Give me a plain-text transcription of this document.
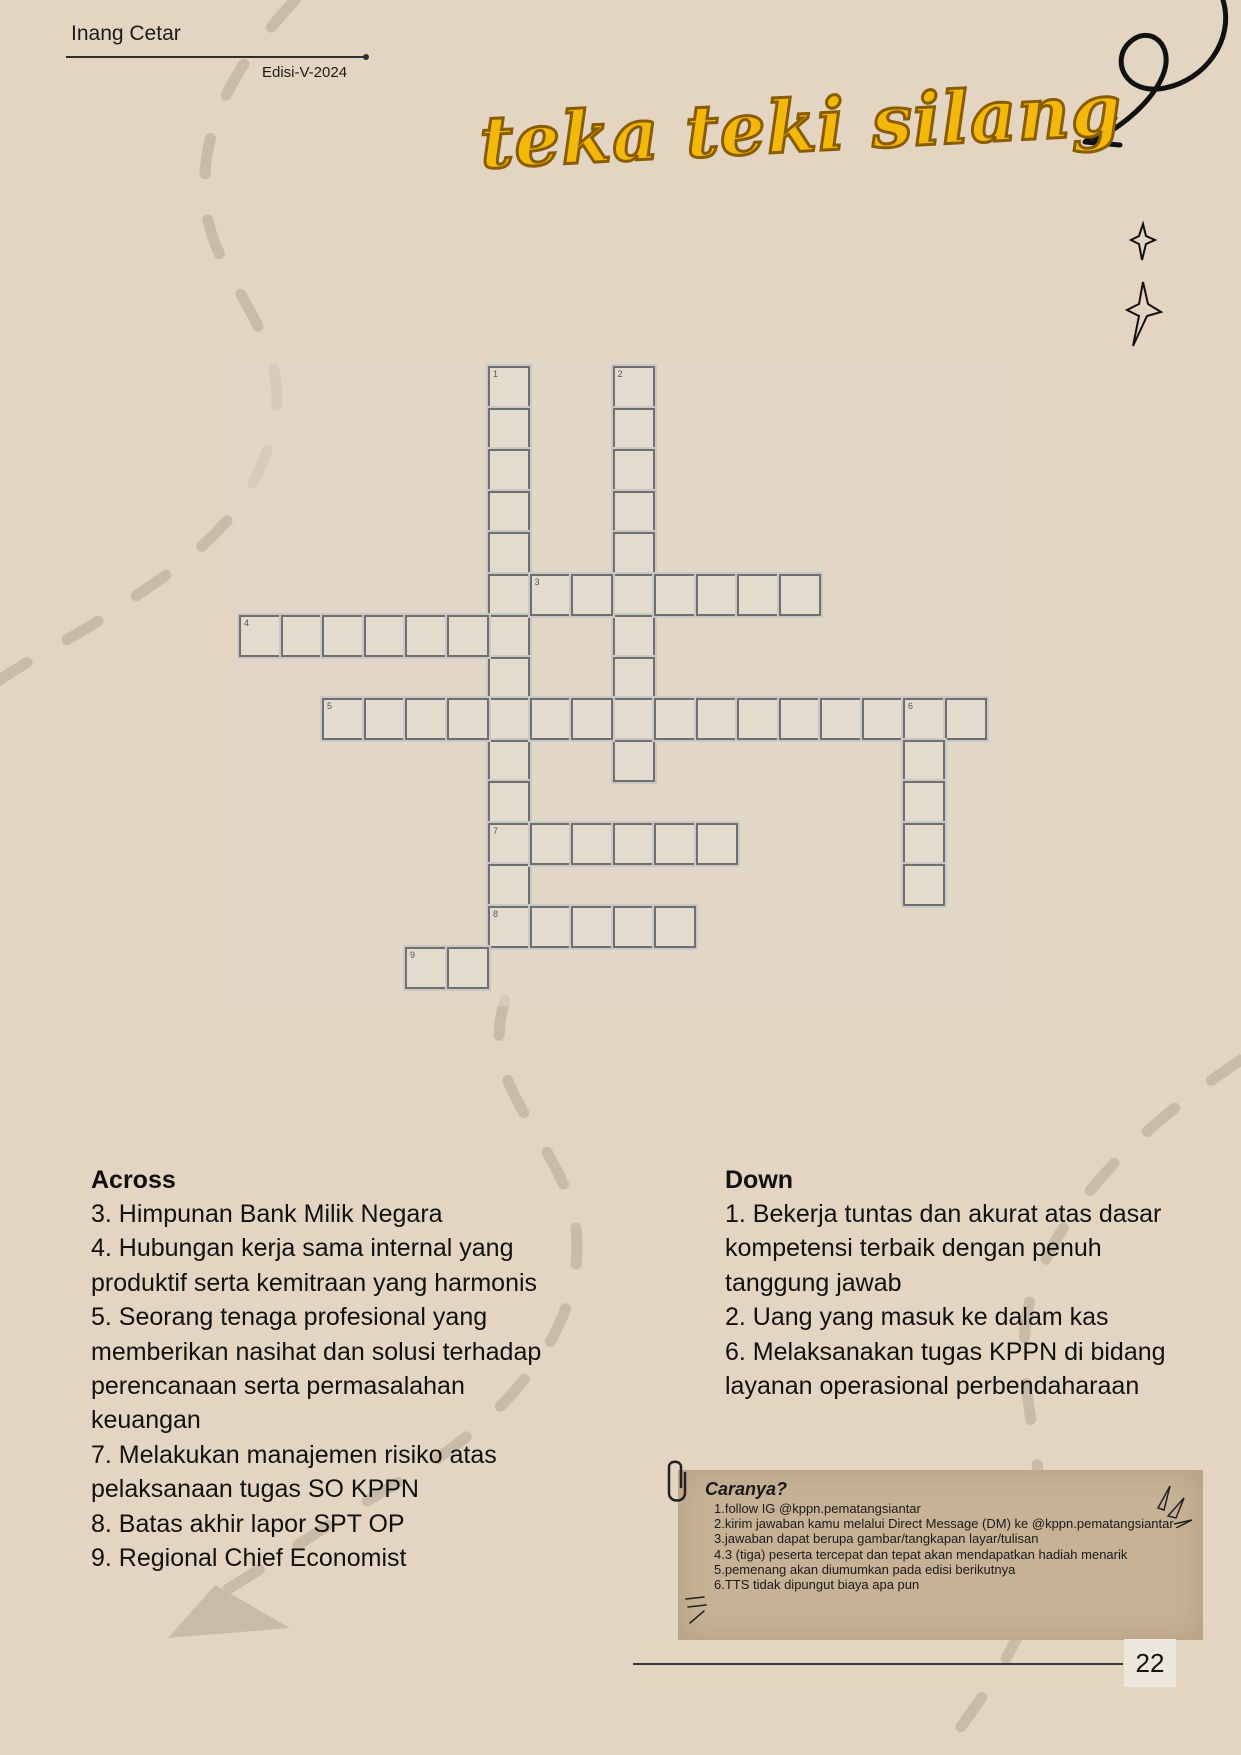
Inang Cetar
Edisi-V-2024 teka teki silang
1
7
8
2
3
4
5	6
9
Across
3. Himpunan Bank Milik Negara
4. Hubungan kerja sama internal yang produktif serta kemitraan yang harmonis
5. Seorang tenaga profesional yang memberikan nasihat dan solusi terhadap perencanaan serta permasalahan keuangan
7. Melakukan manajemen risiko atas pelaksanaan tugas SO KPPN
8. Batas akhir lapor SPT OP
9. Regional Chief Economist
Down
1. Bekerja tuntas dan akurat atas dasar kompetensi terbaik dengan penuh tanggung jawab
2. Uang yang masuk ke dalam kas
6. Melaksanakan tugas KPPN di bidang layanan operasional perbendaharaan
Caranya?
1.follow IG @kppn.pematangsiantar
2.kirim jawaban kamu melalui Direct Message (DM) ke @kppn.pematangsiantar
3.jawaban dapat berupa gambar/tangkapan layar/tulisan
4.3 (tiga) peserta tercepat dan tepat akan mendapatkan hadiah menarik
5.pemenang akan diumumkan pada edisi berikutnya
6.TTS tidak dipungut biaya apa pun
22
